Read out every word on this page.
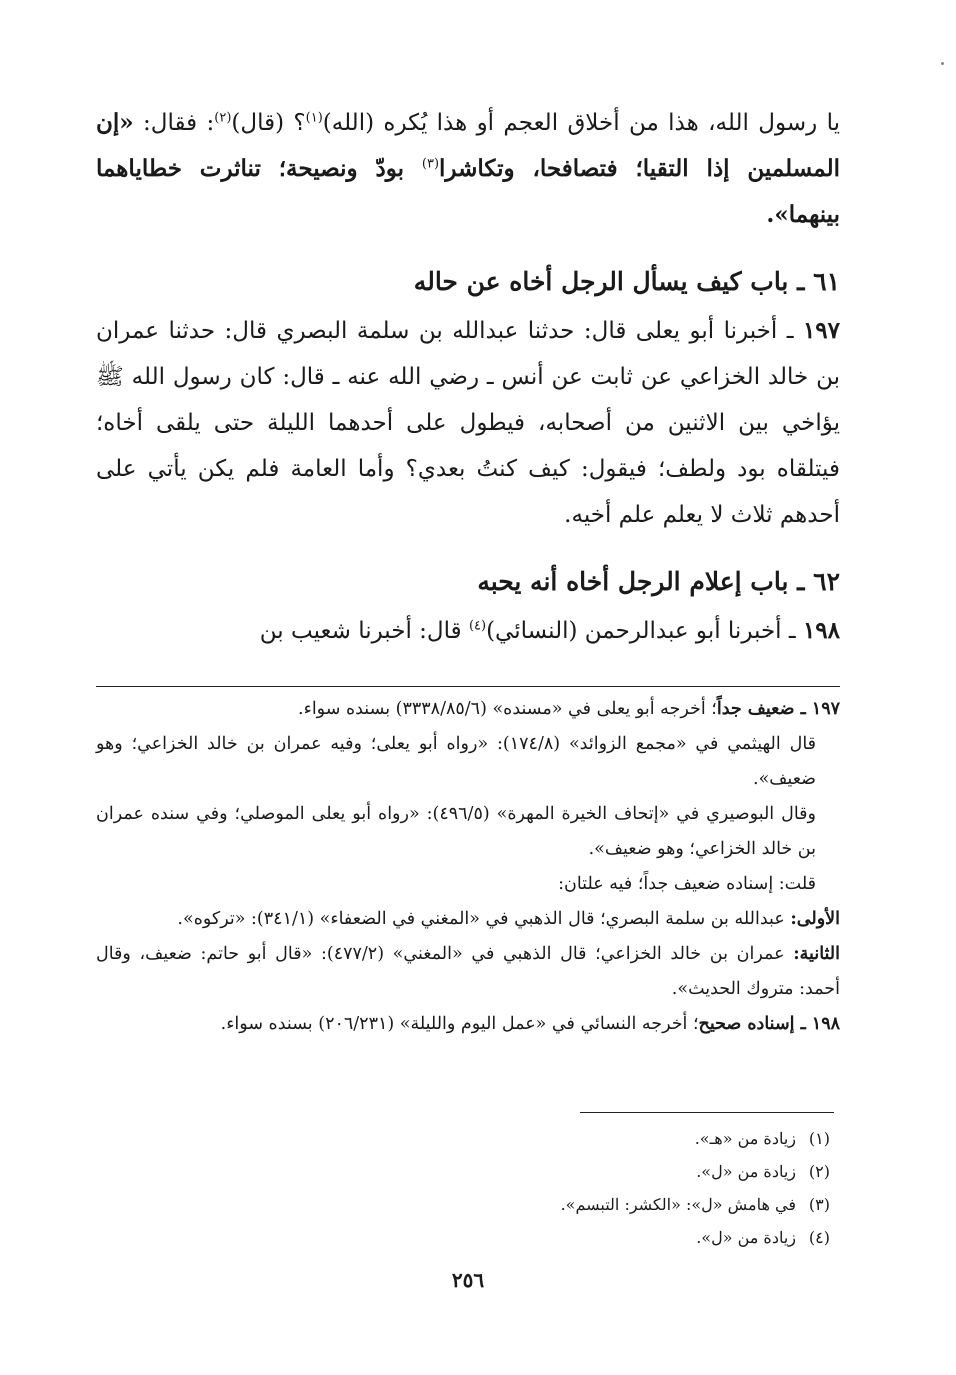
يا رسول الله، هذا من أخلاق العجم أو هذا يُكره (الله)$^{(١)}$؟ (قال)$^{(٢)}$: فقال: «إن المسلمين إذا التقيا؛ فتصافحا، وتكاشرا$^{(٣)}$ بودّ ونصيحة؛ تناثرت خطاياهما بينهما».

٦١ ـ باب كيف يسأل الرجل أخاه عن حاله

١٩٧ ـ أخبرنا أبو يعلى قال: حدثنا عبدالله بن سلمة البصري قال: حدثنا عمران بن خالد الخزاعي عن ثابت عن أنس ـ رضي الله عنه ـ قال: كان رسول الله ﷺ يؤاخي بين الاثنين من أصحابه، فيطول على أحدهما الليلة حتى يلقى أخاه؛ فيتلقاه بود ولطف؛ فيقول: كيف كنتُ بعدي؟ وأما العامة فلم يكن يأتي على أحدهم ثلاث لا يعلم علم أخيه.

٦٢ ـ باب إعلام الرجل أخاه أنه يحبه

١٩٨ ـ أخبرنا أبو عبدالرحمن (النسائي)$^{(٤)}$ قال: أخبرنا شعيب بن

١٩٧ ـ ضعيف جداً؛ أخرجه أبو يعلى في «مسنده» (٣٣٣٨/٨٥/٦) بسنده سواء.

قال الهيثمي في «مجمع الزوائد» (١٧٤/٨): «رواه أبو يعلى؛ وفيه عمران بن خالد الخزاعي؛ وهو ضعيف».

وقال البوصيري في «إتحاف الخيرة المهرة» (٤٩٦/٥): «رواه أبو يعلى الموصلي؛ وفي سنده عمران بن خالد الخزاعي؛ وهو ضعيف».

قلت: إسناده ضعيف جداً؛ فيه علتان:

الأولى: عبدالله بن سلمة البصري؛ قال الذهبي في «المغني في الضعفاء» (٣٤١/١): «تركوه».

الثانية: عمران بن خالد الخزاعي؛ قال الذهبي في «المغني» (٤٧٧/٢): «قال أبو حاتم: ضعيف، وقال أحمد: متروك الحديث».

١٩٨ ـ إسناده صحيح؛ أخرجه النسائي في «عمل اليوم والليلة» (٢٠٦/٢٣١) بسنده سواء.

(١)زيادة من «هـ».

(٢)زيادة من «ل».

(٣)في هامش «ل»: «الكشر: التبسم».

(٤)زيادة من «ل».

٢٥٦
